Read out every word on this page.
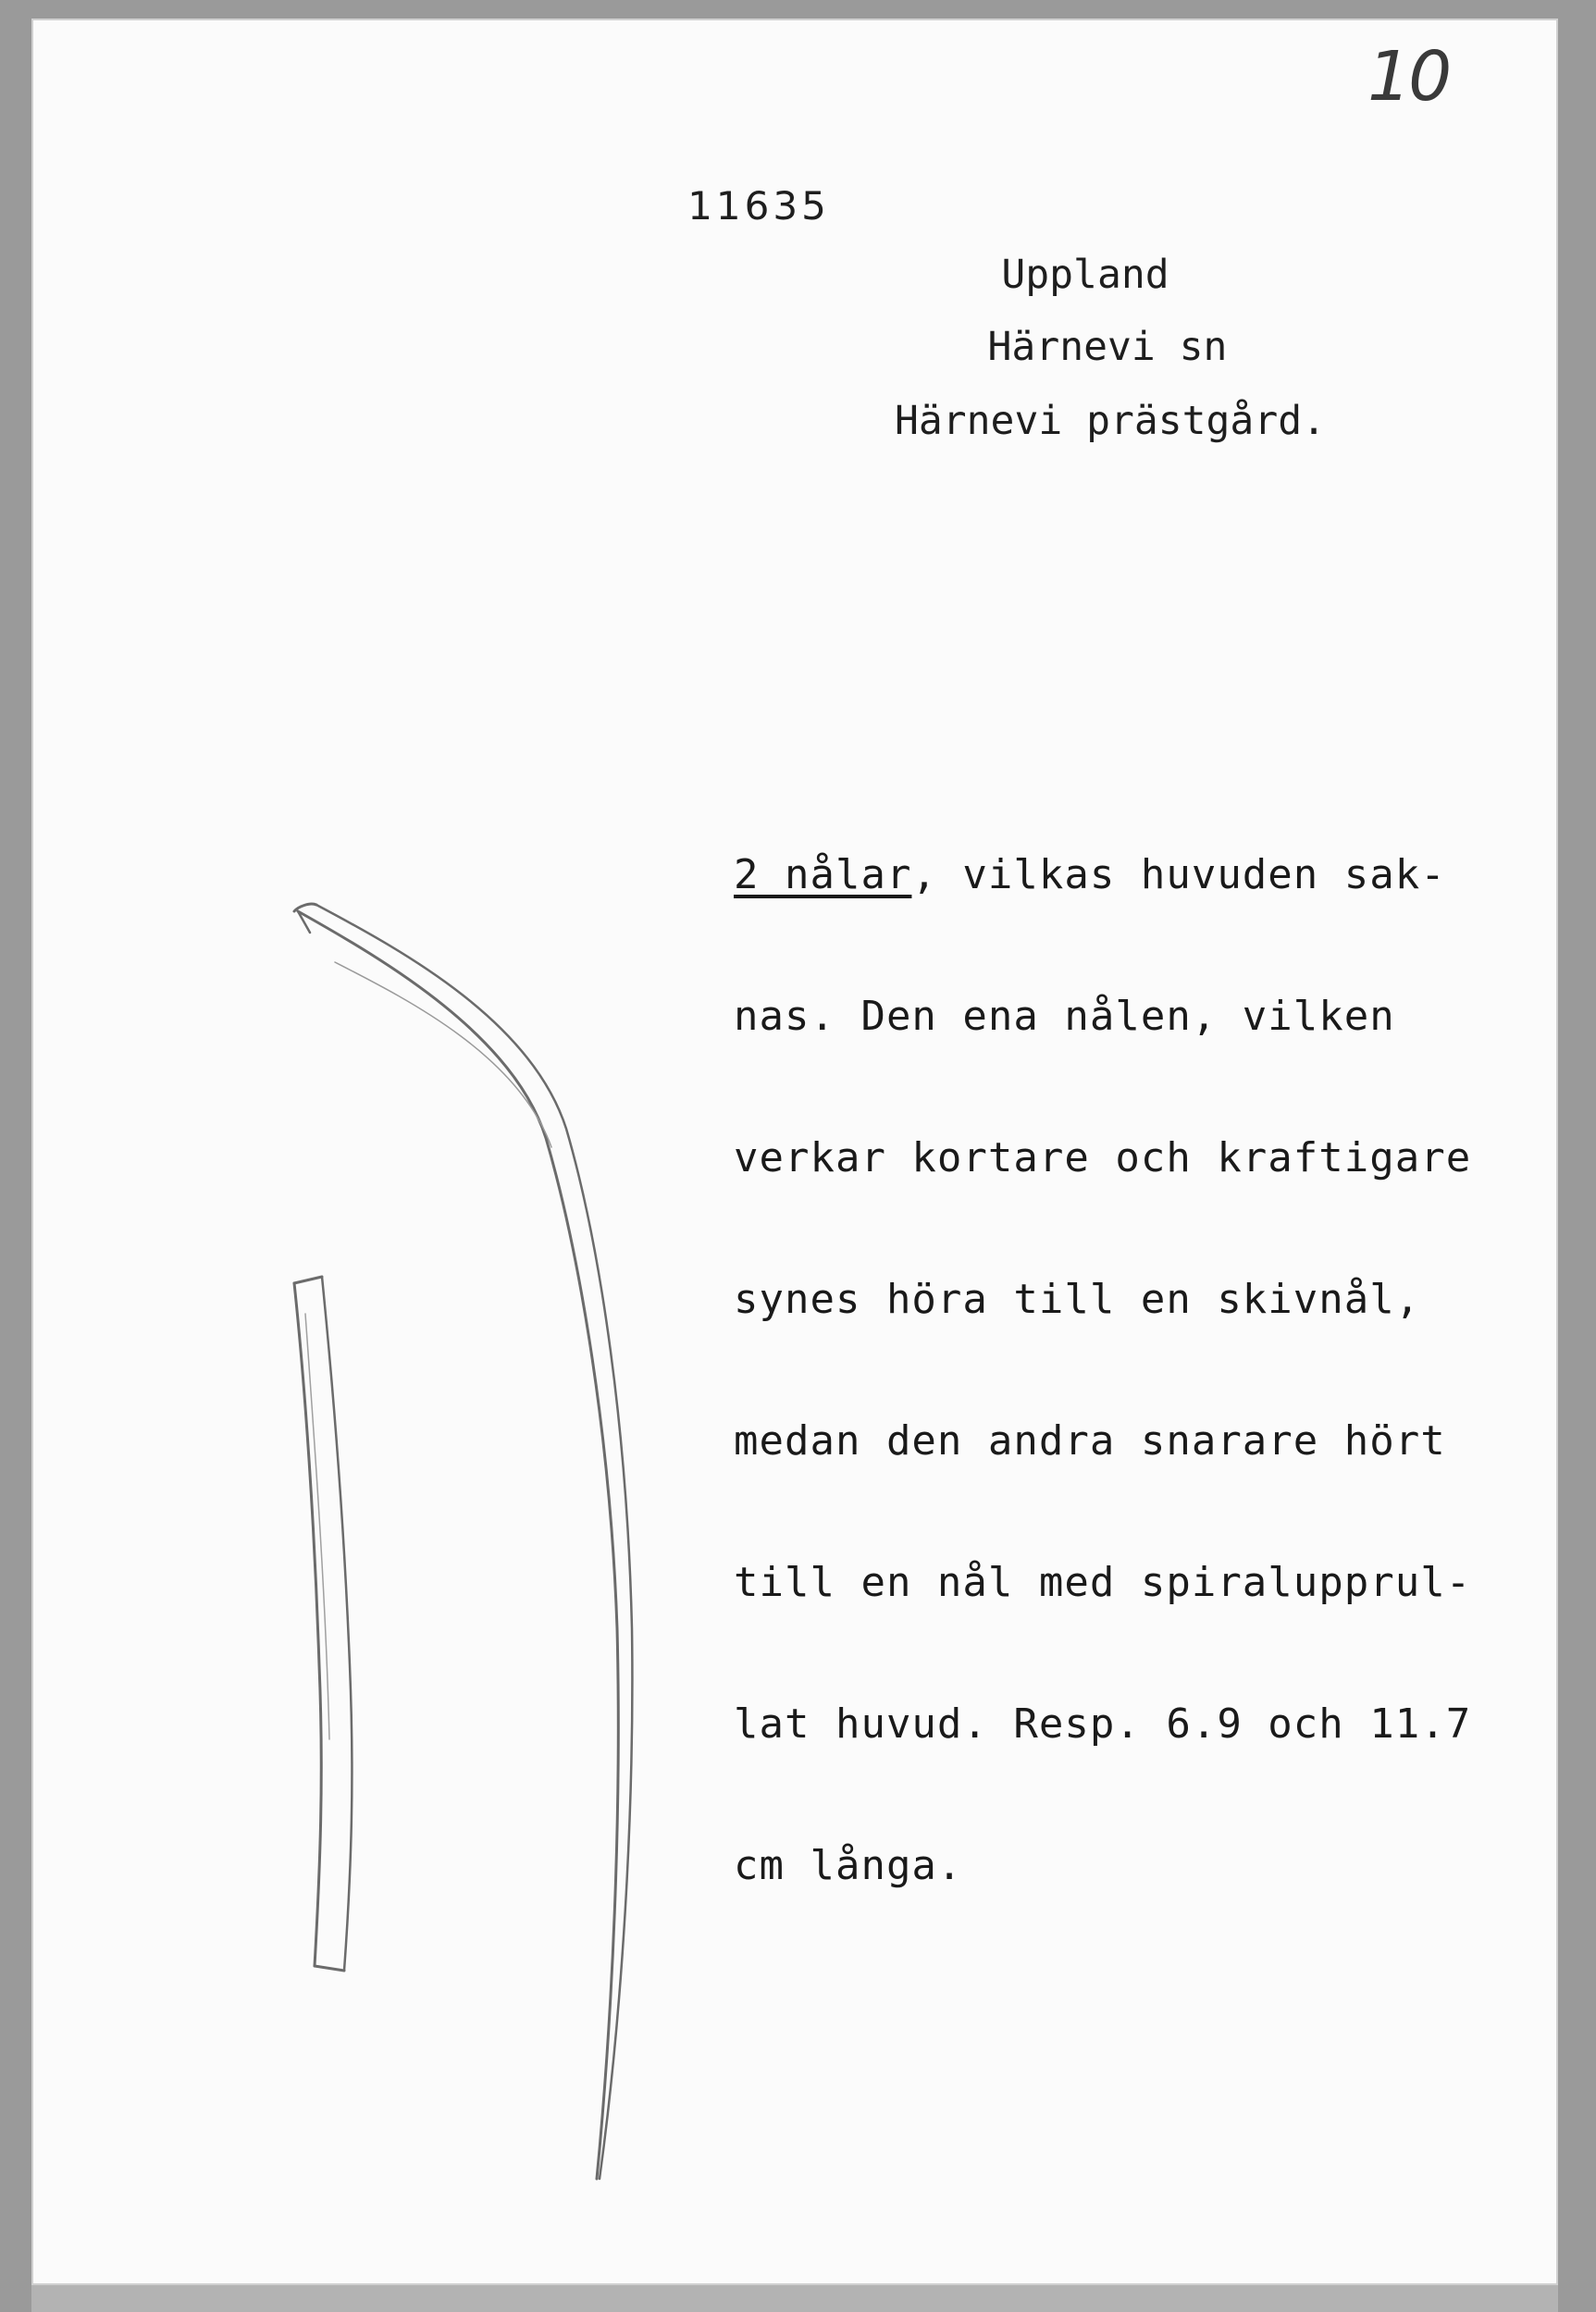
10
11635
Uppland
Härnevi sn
Härnevi prästgård.

2 nålar, vilkas huvuden sak-

nas. Den ena nålen, vilken

verkar kortare och kraftigare

synes höra till en skivnål,

medan den andra snarare hört

till en nål med spiralupprul-

lat huvud. Resp. 6.9 och 11.7

cm långa.
